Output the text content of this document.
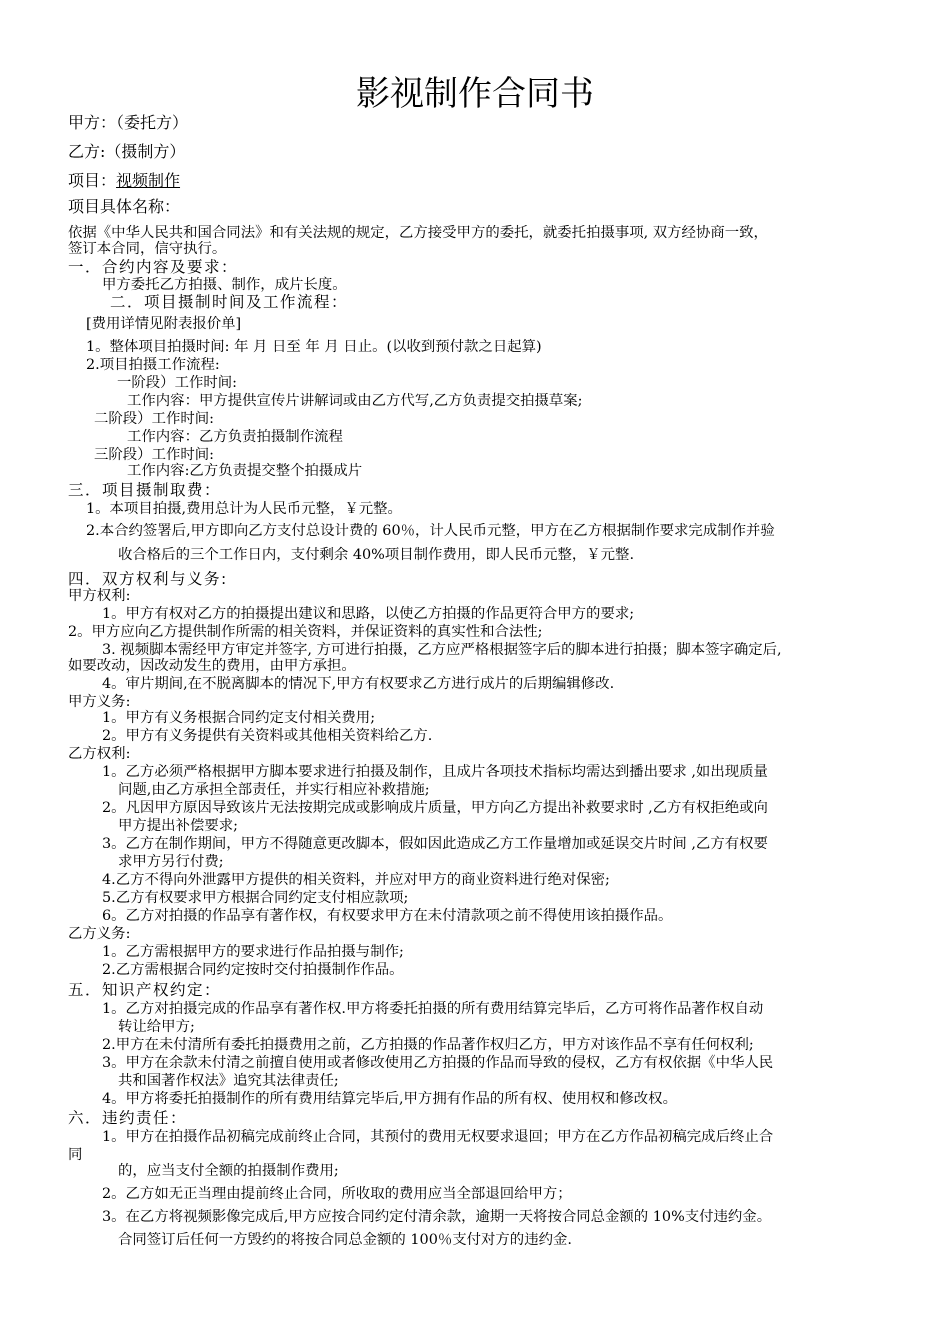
影视制作合同书
甲方：（委托方）
乙方:（摄制方）
项目：视频制作
项目具体名称：
依据《中华人民共和国合同法》和有关法规的规定，乙方接受甲方的委托，就委托拍摄事项, 双方经协商一致，
签订本合同，信守执行。
一．合约内容及要求：
甲方委托乙方拍摄、制作，成片长度。
二．项目摄制时间及工作流程：
[费用详情见附表报价单]
1。整体项目拍摄时间: 年 月 日至 年 月 日止。(以收到预付款之日起算)
2.项目拍摄工作流程:
一阶段）工作时间:
工作内容：甲方提供宣传片讲解词或由乙方代写,乙方负责提交拍摄草案;
二阶段）工作时间:
工作内容：乙方负责拍摄制作流程
三阶段）工作时间:
工作内容:乙方负责提交整个拍摄成片
三．项目摄制取费：
1。本项目拍摄,费用总计为人民币元整，￥元整。
2.本合约签署后,甲方即向乙方支付总设计费的 60％，计人民币元整，甲方在乙方根据制作要求完成制作并验
收合格后的三个工作日内，支付剩余 40%项目制作费用，即人民币元整，￥元整.
四．双方权利与义务:
甲方权利:
1。甲方有权对乙方的拍摄提出建议和思路，以使乙方拍摄的作品更符合甲方的要求;
2。甲方应向乙方提供制作所需的相关资料，并保证资料的真实性和合法性;
3. 视频脚本需经甲方审定并签字, 方可进行拍摄，乙方应严格根据签字后的脚本进行拍摄；脚本签字确定后,
如要改动，因改动发生的费用，由甲方承担。
4。审片期间,在不脱离脚本的情况下,甲方有权要求乙方进行成片的后期编辑修改.
甲方义务:
1。甲方有义务根据合同约定支付相关费用;
2。甲方有义务提供有关资料或其他相关资料给乙方.
乙方权利:
1。乙方必须严格根据甲方脚本要求进行拍摄及制作，且成片各项技术指标均需达到播出要求 ,如出现质量
问题,由乙方承担全部责任，并实行相应补救措施;
2。凡因甲方原因导致该片无法按期完成或影响成片质量，甲方向乙方提出补救要求时 ,乙方有权拒绝或向
甲方提出补偿要求;
3。乙方在制作期间，甲方不得随意更改脚本，假如因此造成乙方工作量增加或延误交片时间 ,乙方有权要
求甲方另行付费;
4.乙方不得向外泄露甲方提供的相关资料，并应对甲方的商业资料进行绝对保密;
5.乙方有权要求甲方根据合同约定支付相应款项;
6。乙方对拍摄的作品享有著作权，有权要求甲方在未付清款项之前不得使用该拍摄作品。
乙方义务:
1。乙方需根据甲方的要求进行作品拍摄与制作;
2.乙方需根据合同约定按时交付拍摄制作作品。
五．知识产权约定：
1。乙方对拍摄完成的作品享有著作权.甲方将委托拍摄的所有费用结算完毕后，乙方可将作品著作权自动
转让给甲方;
2.甲方在未付清所有委托拍摄费用之前，乙方拍摄的作品著作权归乙方，甲方对该作品不享有任何权利;
3。甲方在余款未付清之前擅自使用或者修改使用乙方拍摄的作品而导致的侵权，乙方有权依据《中华人民
共和国著作权法》追究其法律责任;
4。甲方将委托拍摄制作的所有费用结算完毕后,甲方拥有作品的所有权、使用权和修改权。
六．违约责任：
1。甲方在拍摄作品初稿完成前终止合同，其预付的费用无权要求退回；甲方在乙方作品初稿完成后终止合
同
的，应当支付全额的拍摄制作费用;
2。乙方如无正当理由提前终止合同，所收取的费用应当全部退回给甲方；
3。在乙方将视频影像完成后,甲方应按合同约定付清余款，逾期一天将按合同总金额的 10%支付违约金。
合同签订后任何一方毁约的将按合同总金额的 100％支付对方的违约金.
